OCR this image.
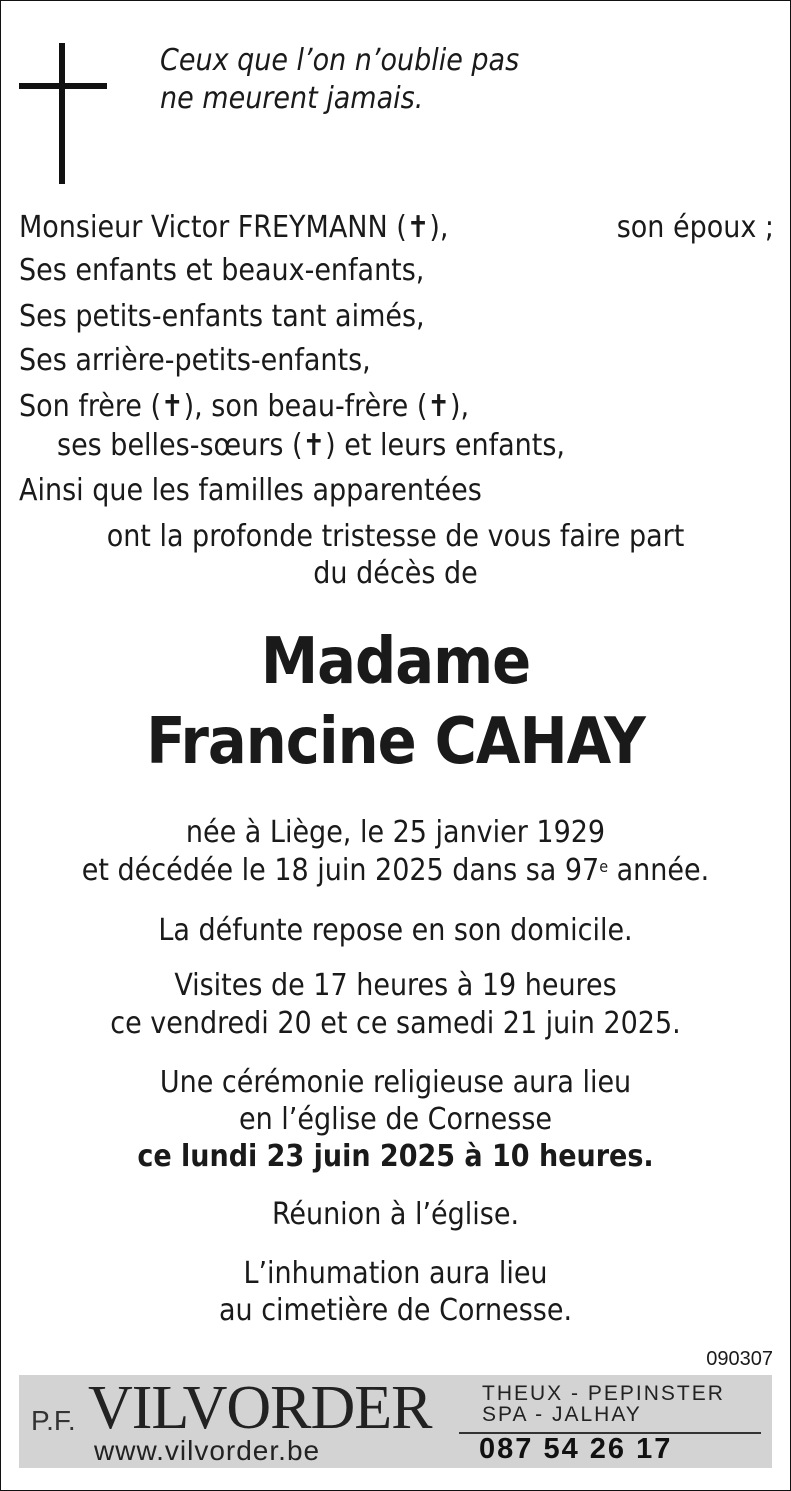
Ceux que l’on n’oublie pas
ne meurent jamais.
Monsieur Victor FREYMANN (✝),	son époux ;
Ses enfants et beaux-enfants,
Ses petits-enfants tant aimés,
Ses arrière-petits-enfants,
Son frère (✝), son beau-frère (✝),
ses belles-sœurs (✝) et leurs enfants,
Ainsi que les familles apparentées
ont la profonde tristesse de vous faire part
du décès de
Madame
Francine CAHAY
née à Liège, le 25 janvier 1929
et décédée le 18 juin 2025 dans sa 97e année.
La défunte repose en son domicile.
Visites de 17 heures à 19 heures
ce vendredi 20 et ce samedi 21 juin 2025.
Une cérémonie religieuse aura lieu
en l’église de Cornesse
ce lundi 23 juin 2025 à 10 heures.
Réunion à l’église.
L’inhumation aura lieu
au cimetière de Cornesse.
090307
P.F. VILVORDER THEUX - PEPINSTER
SPA - JALHAY
www.vilvorder.be	087 54 26 17
